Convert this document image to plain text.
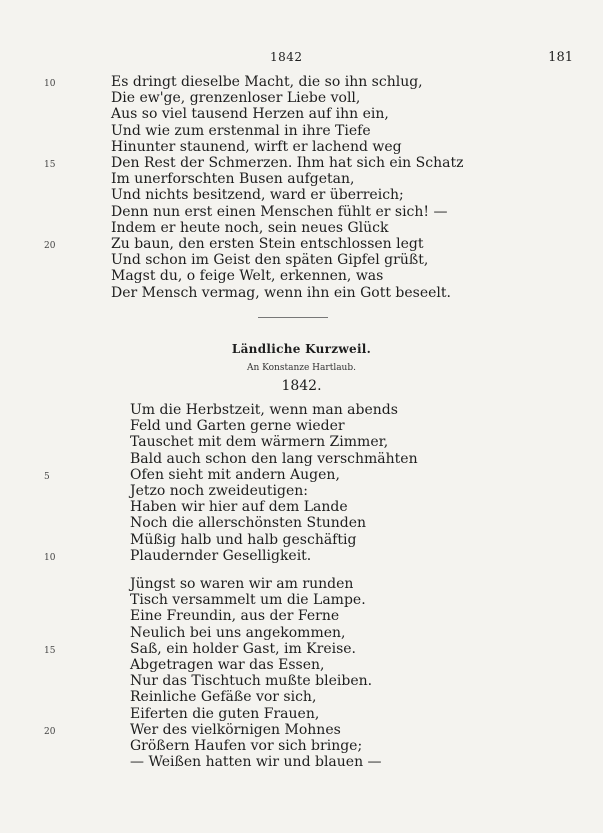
1842	181
10	Es dringt dieselbe Macht, die so ihn schlug,
Die ew'ge, grenzenloser Liebe voll,
Aus so viel tausend Herzen auf ihn ein,
Und wie zum erstenmal in ihre Tiefe
Hinunter staunend, wirft er lachend weg
15	Den Rest der Schmerzen. Ihm hat sich ein Schatz
Im unerforschten Busen aufgetan,
Und nichts besitzend, ward er überreich;
Denn nun erst einen Menschen fühlt er sich! —
Indem er heute noch, sein neues Glück
20	Zu baun, den ersten Stein entschlossen legt
Und schon im Geist den späten Gipfel grüßt,
Magst du, o feige Welt, erkennen, was
Der Mensch vermag, wenn ihn ein Gott beseelt.
Ländliche Kurzweil.
An Konstanze Hartlaub.
1842.
Um die Herbstzeit, wenn man abends
Feld und Garten gerne wieder
Tauschet mit dem wärmern Zimmer,
Bald auch schon den lang verschmähten
5	Ofen sieht mit andern Augen,
Jetzo noch zweideutigen:
Haben wir hier auf dem Lande
Noch die allerschönsten Stunden
Müßig halb und halb geschäftig
10	Plaudernder Geselligkeit.
Jüngst so waren wir am runden
Tisch versammelt um die Lampe.
Eine Freundin, aus der Ferne
Neulich bei uns angekommen,
15	Saß, ein holder Gast, im Kreise.
Abgetragen war das Essen,
Nur das Tischtuch mußte bleiben.
Reinliche Gefäße vor sich,
Eiferten die guten Frauen,
20	Wer des vielkörnigen Mohnes
Größern Haufen vor sich bringe;
— Weißen hatten wir und blauen —
